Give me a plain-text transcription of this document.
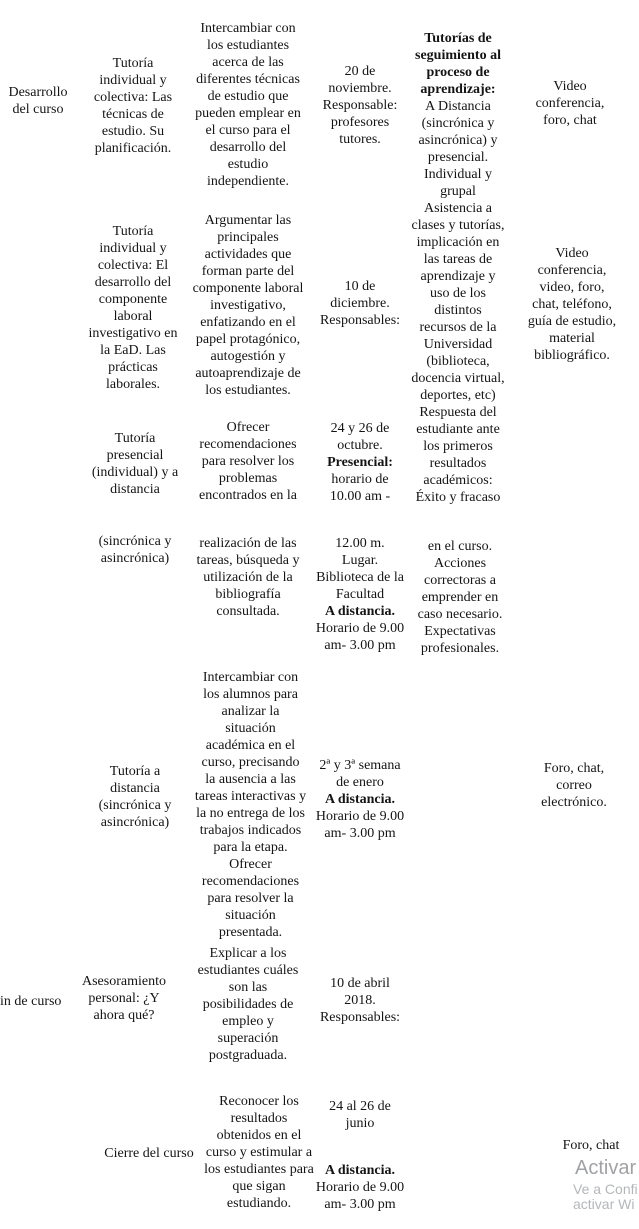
Desarrollo
del curso
Tutoría
individual y
colectiva: Las
técnicas de
estudio. Su
planificación.
Intercambiar con
los estudiantes
acerca de las
diferentes técnicas
de estudio que
pueden emplear en
el curso para el
desarrollo del
estudio
independiente.
20 de
noviembre.
Responsable:
profesores
tutores.
Tutorías de
seguimiento al
proceso de
aprendizaje:
A Distancia
(sincrónica y
asincrónica) y
presencial.
Individual y
grupal
Asistencia a
clases y tutorías,
implicación en
las tareas de
aprendizaje y
uso de los
distintos
recursos de la
Universidad
(biblioteca,
docencia virtual,
deportes, etc)
Respuesta del
estudiante ante
los primeros
resultados
académicos:
Éxito y fracaso
en el curso.
Acciones
correctoras a
emprender en
caso necesario.
Expectativas
profesionales.
Video
conferencia,
foro, chat
Tutoría
individual y
colectiva: El
desarrollo del
componente
laboral
investigativo en
la EaD. Las
prácticas
laborales.
Argumentar las
principales
actividades que
forman parte del
componente laboral
investigativo,
enfatizando en el
papel protagónico,
autogestión y
autoaprendizaje de
los estudiantes.
10 de
diciembre.
Responsables:
Video
conferencia,
video, foro,
chat, teléfono,
guía de estudio,
material
bibliográfico.
Tutoría
presencial
(individual) y a
distancia
Ofrecer
recomendaciones
para resolver los
problemas
encontrados en la
24 y 26 de
octubre.
Presencial:
horario de
10.00 am -
(sincrónica y
asincrónica)
realización de las
tareas, búsqueda y
utilización de la
bibliografía
consultada.
12.00 m.
Lugar.
Biblioteca de la
Facultad
A distancia.
Horario de 9.00
am- 3.00 pm
Tutoría a
distancia
(sincrónica y
asincrónica)
Intercambiar con
los alumnos para
analizar la
situación
académica en el
curso, precisando
la ausencia a las
tareas interactivas y
la no entrega de los
trabajos indicados
para la etapa.
Ofrecer
recomendaciones
para resolver la
situación
presentada.
2ª y 3ª semana
de enero
A distancia.
Horario de 9.00
am- 3.00 pm
Foro, chat,
correo
electrónico.
in de curso
Asesoramiento
personal: ¿Y
ahora qué?
Explicar a los
estudiantes cuáles
son las
posibilidades de
empleo y
superación
postgraduada.
10 de abril
2018.
Responsables:
Cierre del curso
Reconocer los
resultados
obtenidos en el
curso y estimular a
los estudiantes para
que sigan
estudiando.
24 al 26 de
junio
A distancia.
Horario de 9.00
am- 3.00 pm
Foro, chat
Activar
Ve a Confi
activar Wi
